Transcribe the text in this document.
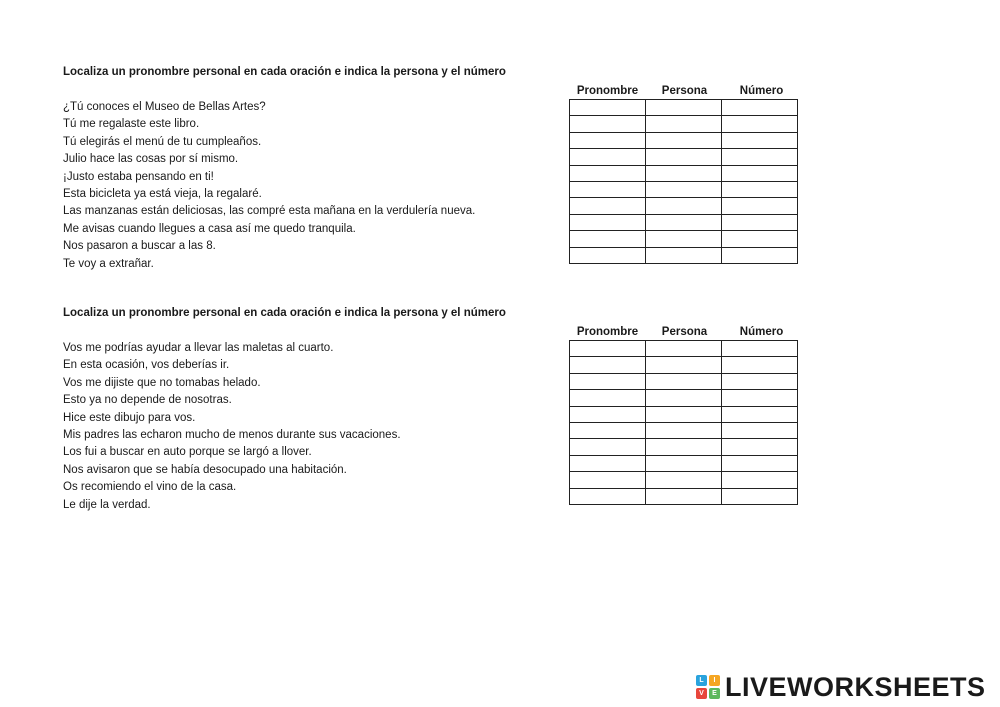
Localiza un pronombre personal en cada oración e indica la persona y el número
Pronombre	Persona	Número
¿Tú conoces el Museo de Bellas Artes?
Tú me regalaste este libro.
Tú elegirás el menú de tu cumpleaños.
Julio hace las cosas por sí mismo.
¡Justo estaba pensando en ti!
Esta bicicleta ya está vieja, la regalaré.
Las manzanas están deliciosas, las compré esta mañana en la verdulería nueva.
Me avisas cuando llegues a casa así me quedo tranquila.
Nos pasaron a buscar a las 8.
Te voy a extrañar.

Localiza un pronombre personal en cada oración e indica la persona y el número
Pronombre	Persona	Número
Vos me podrías ayudar a llevar las maletas al cuarto.
En esta ocasión, vos deberías ir.
Vos me dijiste que no tomabas helado.
Esto ya no depende de nosotras.
Hice este dibujo para vos.
Mis padres las echaron mucho de menos durante sus vacaciones.
Los fui a buscar en auto porque se largó a llover.
Nos avisaron que se había desocupado una habitación.
Os recomiendo el vino de la casa.
Le dije la verdad.

L	I
V	E LIVEWORKSHEETS
